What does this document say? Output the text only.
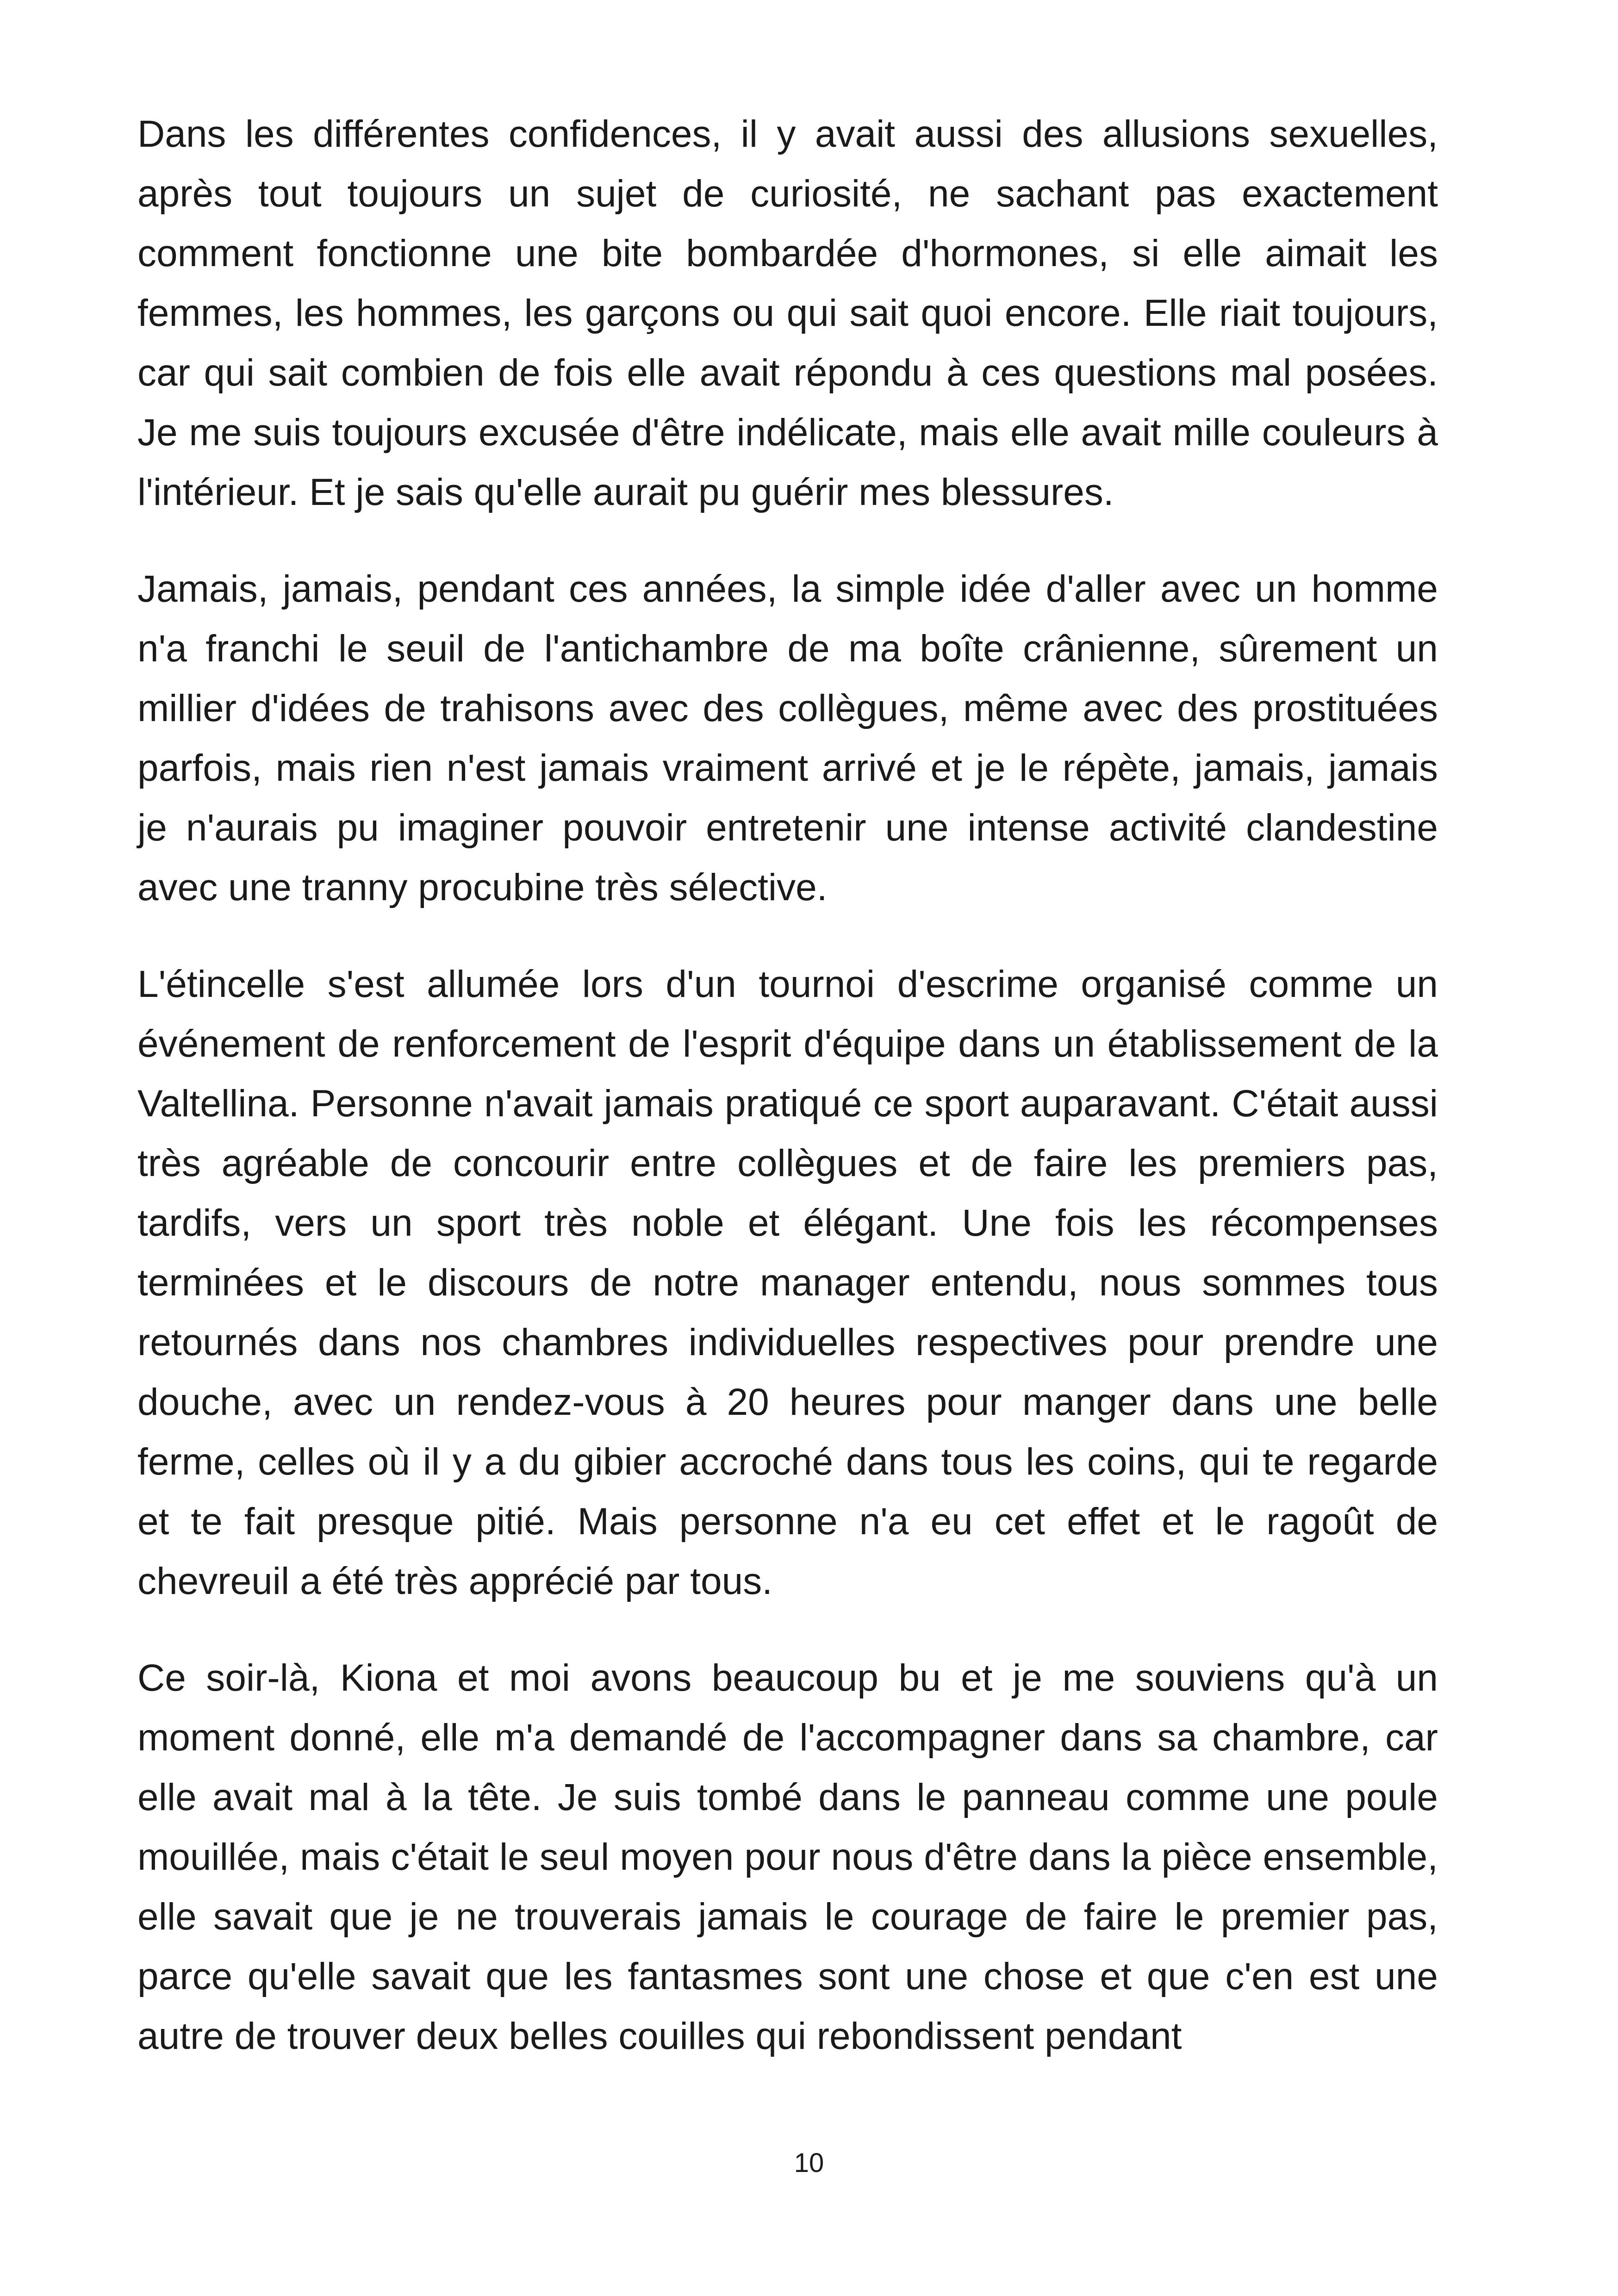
Dans les différentes confidences, il y avait aussi des allusions sexuelles, après tout toujours un sujet de curiosité, ne sachant pas exactement comment fonctionne une bite bombardée d'hormones, si elle aimait les femmes, les hommes, les garçons ou qui sait quoi encore. Elle riait toujours, car qui sait combien de fois elle avait répondu à ces questions mal posées. Je me suis toujours excusée d'être indélicate, mais elle avait mille couleurs à l'intérieur. Et je sais qu'elle aurait pu guérir mes blessures.

Jamais, jamais, pendant ces années, la simple idée d'aller avec un homme n'a franchi le seuil de l'antichambre de ma boîte crânienne, sûrement un millier d'idées de trahisons avec des collègues, même avec des prostituées parfois, mais rien n'est jamais vraiment arrivé et je le répète, jamais, jamais je n'aurais pu imaginer pouvoir entretenir une intense activité clandestine avec une tranny procubine très sélective.

L'étincelle s'est allumée lors d'un tournoi d'escrime organisé comme un événement de renforcement de l'esprit d'équipe dans un établissement de la Valtellina. Personne n'avait jamais pratiqué ce sport auparavant. C'était aussi très agréable de concourir entre collègues et de faire les premiers pas, tardifs, vers un sport très noble et élégant. Une fois les récompenses terminées et le discours de notre manager entendu, nous sommes tous retournés dans nos chambres individuelles respectives pour prendre une douche, avec un rendez-vous à 20 heures pour manger dans une belle ferme, celles où il y a du gibier accroché dans tous les coins, qui te regarde et te fait presque pitié. Mais personne n'a eu cet effet et le ragoût de chevreuil a été très apprécié par tous.

Ce soir-là, Kiona et moi avons beaucoup bu et je me souviens qu'à un moment donné, elle m'a demandé de l'accompagner dans sa chambre, car elle avait mal à la tête. Je suis tombé dans le panneau comme une poule mouillée, mais c'était le seul moyen pour nous d'être dans la pièce ensemble, elle savait que je ne trouverais jamais le courage de faire le premier pas, parce qu'elle savait que les fantasmes sont une chose et que c'en est une autre de trouver deux belles couilles qui rebondissent pendant

10
